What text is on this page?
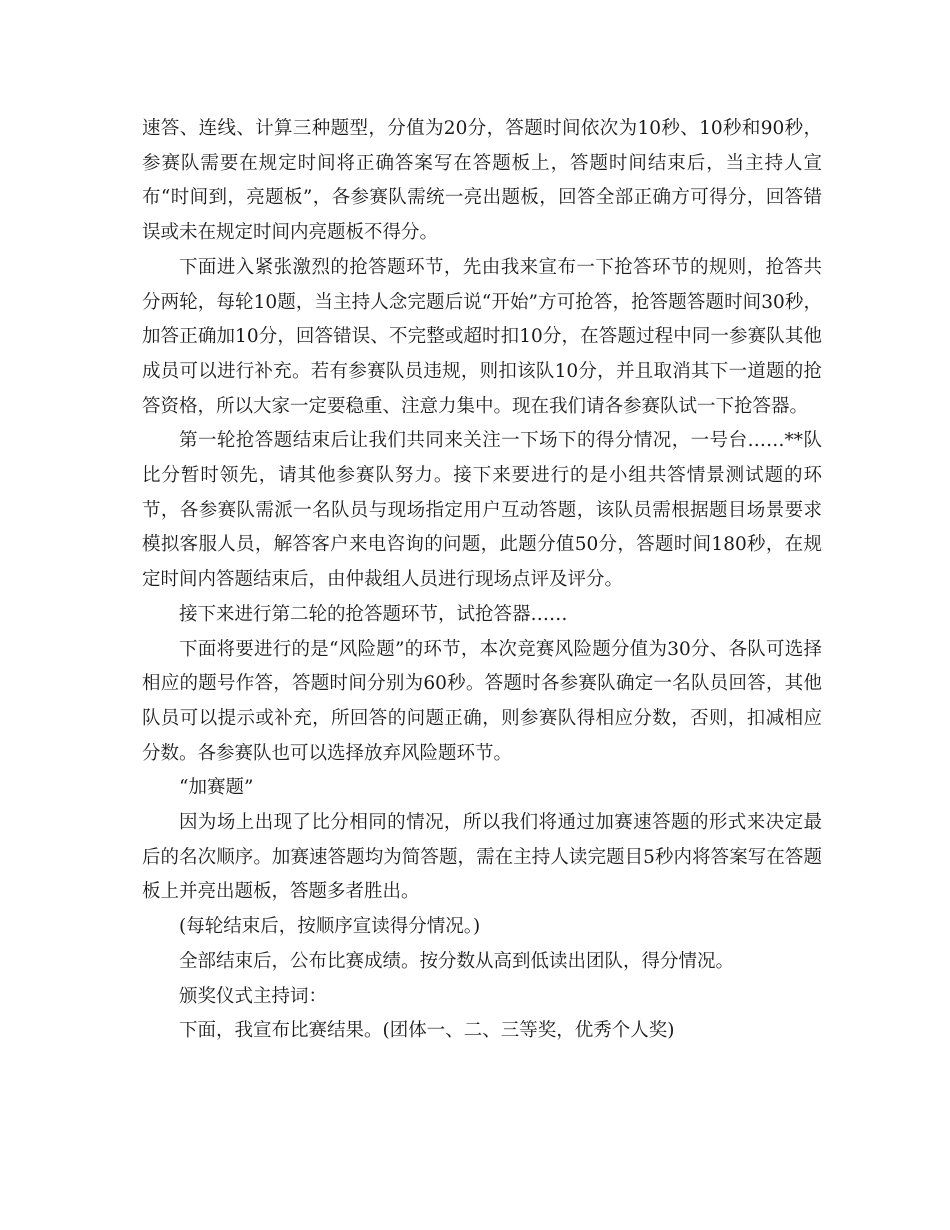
速答、连线、计算三种题型，分值为20分，答题时间依次为10秒、10秒和90秒，参赛队需要在规定时间将正确答案写在答题板上，答题时间结束后，当主持人宣布“时间到，亮题板”，各参赛队需统一亮出题板，回答全部正确方可得分，回答错误或未在规定时间内亮题板不得分。

下面进入紧张激烈的抢答题环节，先由我来宣布一下抢答环节的规则，抢答共分两轮，每轮10题，当主持人念完题后说“开始”方可抢答，抢答题答题时间30秒，加答正确加10分，回答错误、不完整或超时扣10分，在答题过程中同一参赛队其他成员可以进行补充。若有参赛队员违规，则扣该队10分，并且取消其下一道题的抢答资格，所以大家一定要稳重、注意力集中。现在我们请各参赛队试一下抢答器。

第一轮抢答题结束后让我们共同来关注一下场下的得分情况，一号台……**队比分暂时领先，请其他参赛队努力。接下来要进行的是小组共答情景测试题的环节，各参赛队需派一名队员与现场指定用户互动答题，该队员需根据题目场景要求模拟客服人员，解答客户来电咨询的问题，此题分值50分，答题时间180秒，在规定时间内答题结束后，由仲裁组人员进行现场点评及评分。

接下来进行第二轮的抢答题环节，试抢答器……

下面将要进行的是“风险题”的环节，本次竞赛风险题分值为30分、各队可选择相应的题号作答，答题时间分别为60秒。答题时各参赛队确定一名队员回答，其他队员可以提示或补充，所回答的问题正确，则参赛队得相应分数，否则，扣减相应分数。各参赛队也可以选择放弃风险题环节。

“加赛题”

因为场上出现了比分相同的情况，所以我们将通过加赛速答题的形式来决定最后的名次顺序。加赛速答题均为简答题，需在主持人读完题目5秒内将答案写在答题板上并亮出题板，答题多者胜出。

(每轮结束后，按顺序宣读得分情况。)

全部结束后，公布比赛成绩。按分数从高到低读出团队，得分情况。

颁奖仪式主持词：

下面，我宣布比赛结果。(团体一、二、三等奖，优秀个人奖)
